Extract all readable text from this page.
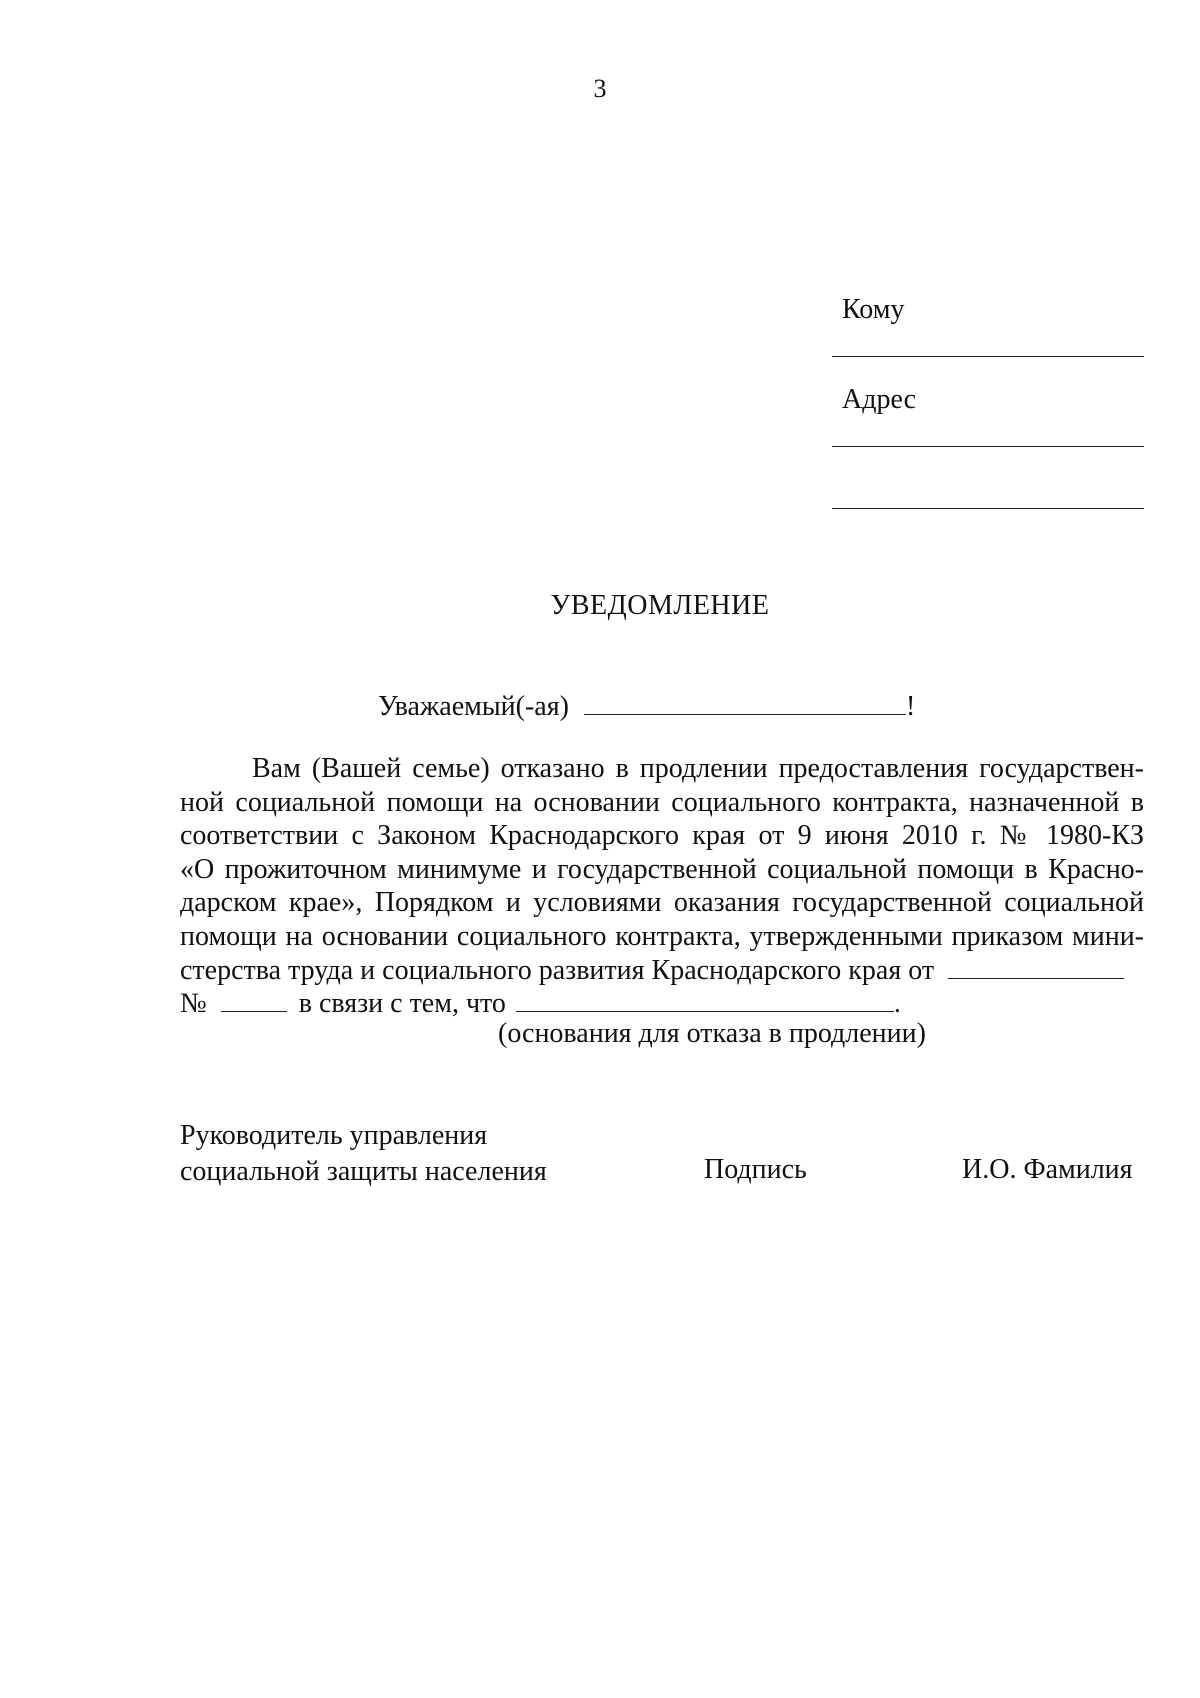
3
Кому
Адрес
УВЕДОМЛЕНИЕ
Уважаемый(-ая)	!
Вам (Вашей семье) отказано в продлении предоставления государствен-
ной социальной помощи на основании социального контракта, назначенной в
соответствии с Законом Краснодарского края от 9 июня 2010 г. № 1980-КЗ
«О прожиточном минимуме и государственной социальной помощи в Красно-
дарском крае», Порядком и условиями оказания государственной социальной
помощи на основании социального контракта, утвержденными приказом мини-
стерства труда и социального развития Краснодарского края от
№	в связи с тем, что	.
(основания для отказа в продлении)
Руководитель управления
социальной защиты населения	Подпись	И.О. Фамилия
